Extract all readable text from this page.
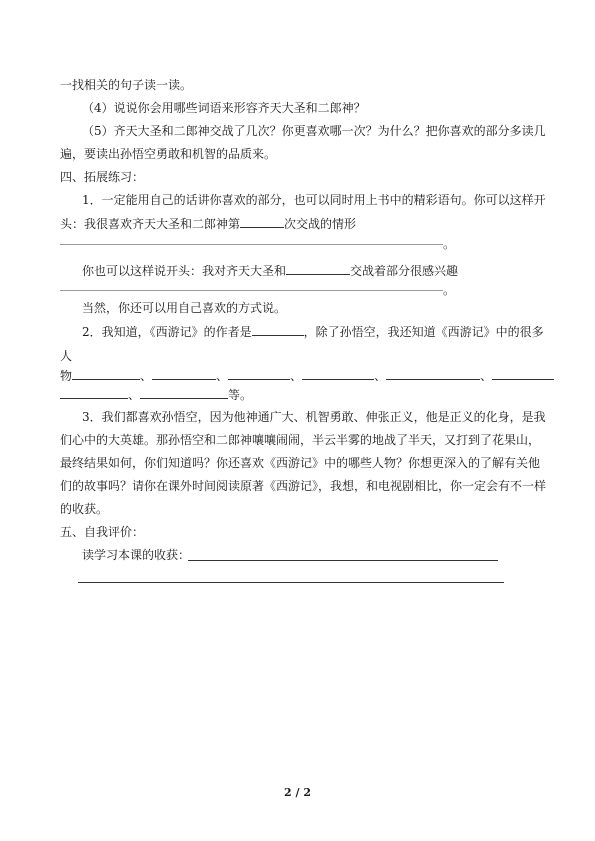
一找相关的句子读一读。
（4）说说你会用哪些词语来形容齐天大圣和二郎神？
（5）齐天大圣和二郎神交战了几次？你更喜欢哪一次？为什么？把你喜欢的部分多读几
遍，要读出孙悟空勇敢和机智的品质来。
四、拓展练习：
1．一定能用自己的话讲你喜欢的部分，也可以同时用上书中的精彩语句。你可以这样开
头：我很喜欢齐天大圣和二郎神第	次交战的情形
。
你也可以这样说开头：我对齐天大圣和	交战着部分很感兴趣
。
当然，你还可以用自己喜欢的方式说。
2．我知道，《西游记》的作者是	，除了孙悟空，我还知道《西游记》中的很多
人
物	、	、	、	、	、
、	等。
3．我们都喜欢孙悟空，因为他神通广大、机智勇敢、伸张正义，他是正义的化身，是我
们心中的大英雄。那孙悟空和二郎神嚷嚷闹闹，半云半雾的地战了半天，又打到了花果山，
最终结果如何，你们知道吗？你还喜欢《西游记》中的哪些人物？你想更深入的了解有关他
们的故事吗？请你在课外时间阅读原著《西游记》，我想，和电视剧相比，你一定会有不一样
的收获。
五、自我评价：
读学习本课的收获：
2 / 2
